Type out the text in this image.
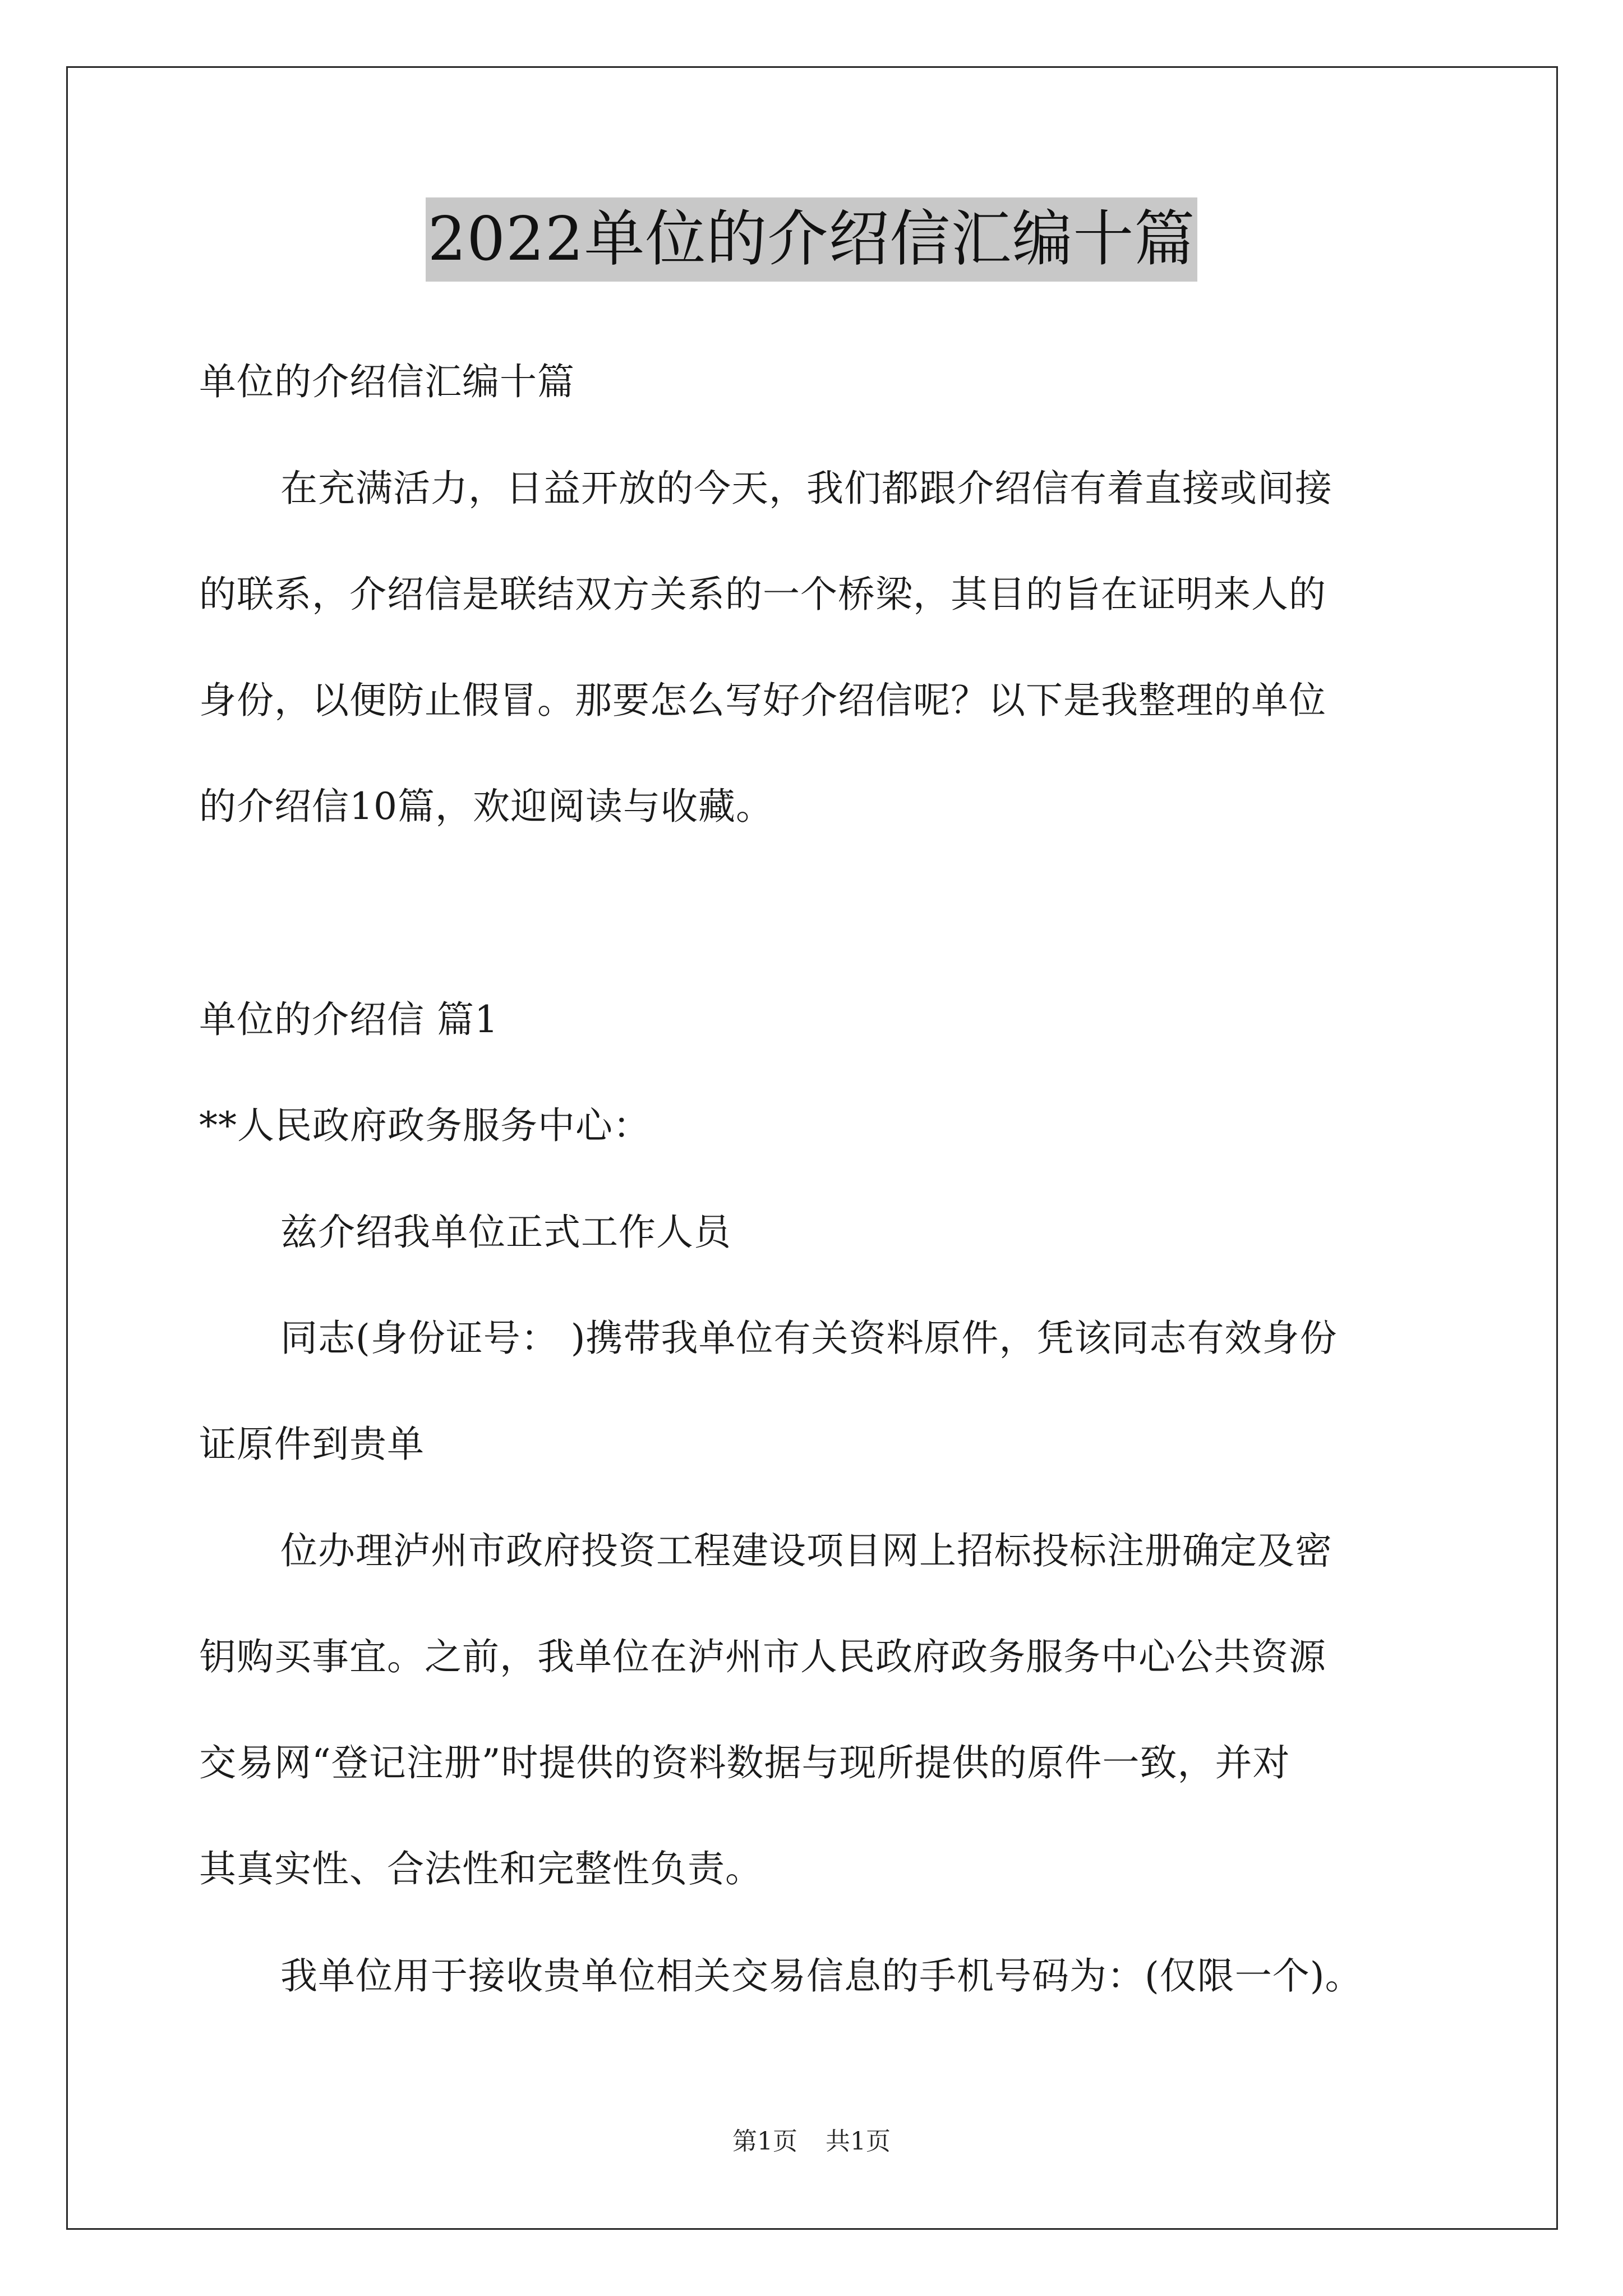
2022单位的介绍信汇编十篇
单位的介绍信汇编十篇
在充满活力，日益开放的今天，我们都跟介绍信有着直接或间接
的联系，介绍信是联结双方关系的一个桥梁，其目的旨在证明来人的
身份，以便防止假冒。那要怎么写好介绍信呢？以下是我整理的单位
的介绍信10篇，欢迎阅读与收藏。
单位的介绍信 篇1
**人民政府政务服务中心：
兹介绍我单位正式工作人员
同志(身份证号： )携带我单位有关资料原件，凭该同志有效身份
证原件到贵单
位办理泸州市政府投资工程建设项目网上招标投标注册确定及密
钥购买事宜。之前，我单位在泸州市人民政府政务服务中心公共资源
交易网“登记注册”时提供的资料数据与现所提供的原件一致，并对
其真实性、合法性和完整性负责。
我单位用于接收贵单位相关交易信息的手机号码为：(仅限一个)。
第1页 共1页
